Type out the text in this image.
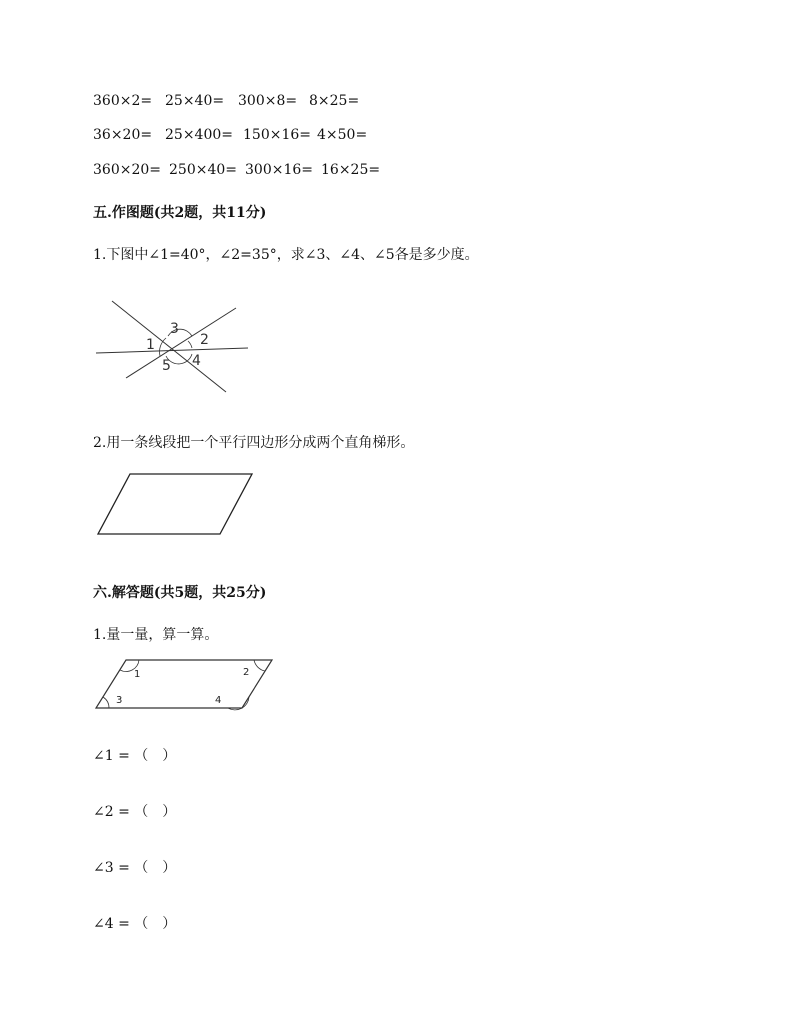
360×2= 25×40= 300×8= 8×25=
36×20= 25×400= 150×16= 4×50=
360×20= 250×40= 300×16= 16×25=
五.作图题(共2题，共11分)
1.下图中∠1=40°，∠2=35°，求∠3、∠4、∠5各是多少度。
1	2
3
4
5
2.用一条线段把一个平行四边形分成两个直角梯形。
六.解答题(共5题，共25分)
1.量一量，算一算。
1	2
3	4
∠1 = （　）
∠2 = （　）
∠3 = （　）
∠4 = （　）
